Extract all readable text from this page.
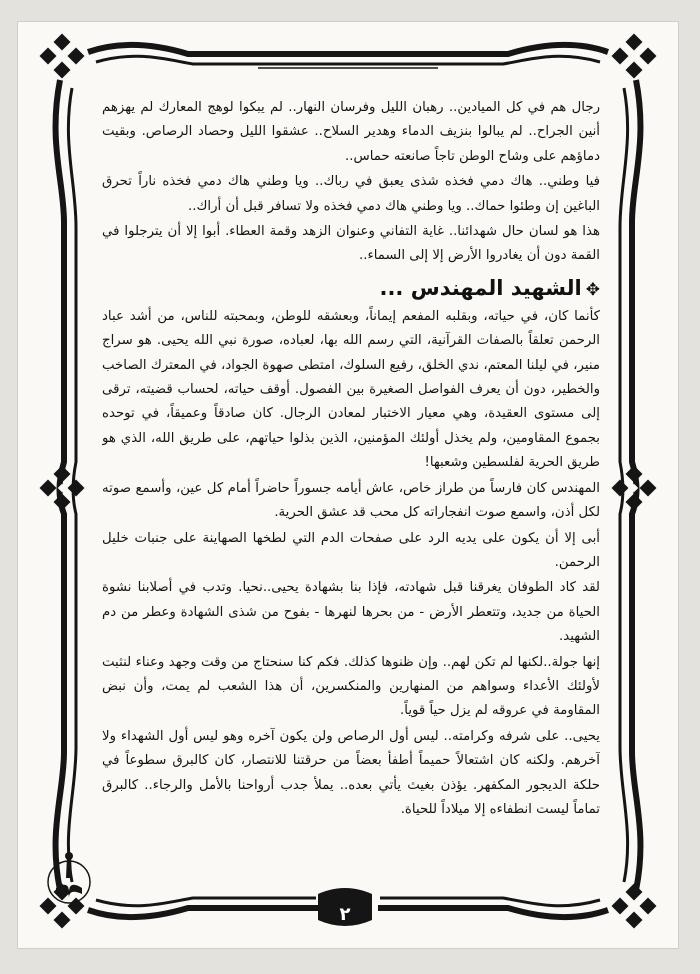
٢

رجال هم في كل الميادين.. رهبان الليل وفرسان النهار.. لم يبكوا لوهج المعارك لم يهزهم أنين الجراح.. لم يبالوا بنزيف الدماء وهدير السلاح.. عشقوا الليل وحصاد الرصاص. وبقيت دماؤهم على وشاح الوطن تاجاً صانعته حماس..

فيا وطني.. هاك دمي فخذه شذى يعبق في رباك.. ويا وطني هاك دمي فخذه ناراً تحرق الباغين إن وطئوا حماك.. ويا وطني هاك دمي فخذه ولا تسافر قبل أن أراك..

هذا هو لسان حال شهدائنا.. غاية التفاني وعنوان الزهد وقمة العطاء. أبوا إلا أن يترجلوا في القمة دون أن يغادروا الأرض إلا إلى السماء..

✥الشهيد المهندس ...

كأنما كان، في حياته، وبقلبه المفعم إيماناً، وبعشقه للوطن، وبمحبته للناس، من أشد عباد الرحمن تعلقاً بالصفات القرآنية، التي رسم الله بها، لعباده، صورة نبي الله يحيى. هو سراج منير، في ليلنا المعتم، ندي الخلق، رفيع السلوك، امتطى صهوة الجواد، في المعترك الصاخب والخطير، دون أن يعرف الفواصل الصغيرة بين الفصول. أوقف حياته، لحساب قضيته، ترقى إلى مستوى العقيدة، وهي معيار الاختبار لمعادن الرجال. كان صادقاً وعميقاً، في توحده بجموع المقاومين، ولم يخذل أولئك المؤمنين، الذين بذلوا حياتهم، على طريق الله، الذي هو طريق الحرية لفلسطين وشعبها!

المهندس كان فارساً من طراز خاص، عاش أيامه جسوراً حاضراً أمام كل عين، وأسمع صوته لكل أذن، واسمع صوت انفجاراته كل محب قد عشق الحرية.

أبى إلا أن يكون على يديه الرد على صفحات الدم التي لطخها الصهاينة على جنبات خليل الرحمن.

لقد كاد الطوفان يغرقنا قبل شهادته، فإذا بنا بشهادة يحيى..نحيا. وتدب في أصلابنا نشوة الحياة من جديد، وتتعطر الأرض - من بحرها لنهرها - بفوح من شذى الشهادة وعطر من دم الشهيد.

إنها جولة..لكنها لم تكن لهم.. وإن ظنوها كذلك. فكم كنا سنحتاج من وقت وجهد وعناء لنثبت لأولئك الأعداء وسواهم من المنهارين والمنكسرين، أن هذا الشعب لم يمت، وأن نبض المقاومة في عروقه لم يزل حياً قوياً.

يحيى.. على شرفه وكرامته.. ليس أول الرصاص ولن يكون آخره وهو ليس أول الشهداء ولا آخرهم. ولكنه كان اشتعالاً حميماً أطفأ بعضاً من حرقتنا للانتصار، كان كالبرق سطوعاً في حلكة الديجور المكفهر. يؤذن بغيث يأتي بعده.. يملأ جدب أرواحنا بالأمل والرجاء.. كالبرق تماماً ليست انطفاءه إلا ميلاداً للحياة.
